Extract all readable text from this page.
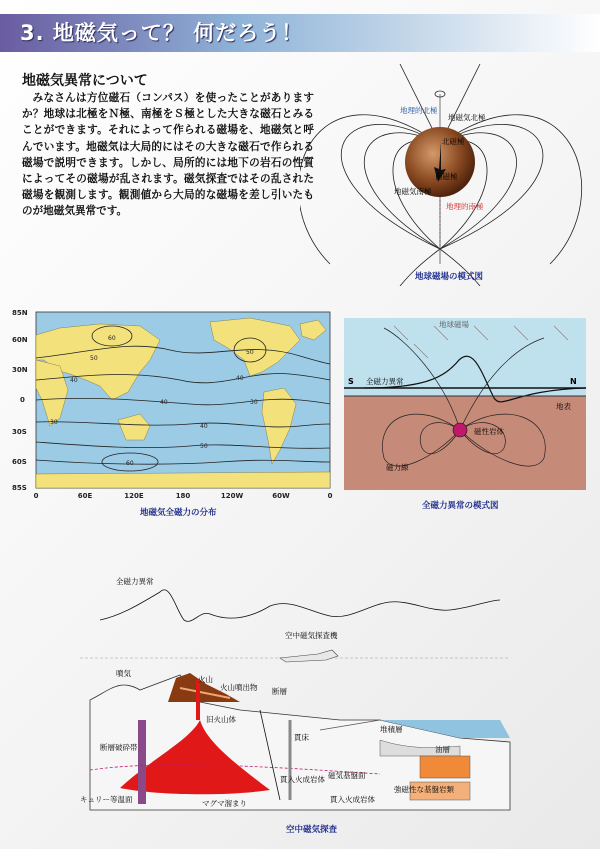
3. 地磁気って？ 何だろう！
地磁気異常について
みなさんは方位磁石（コンパス）を使ったことがありますか？地球は北極をＮ極、南極をＳ極とした大きな磁石とみることができます。それによって作られる磁場を、地磁気と呼んでいます。地磁気は大局的にはその大きな磁石で作られる磁場で説明できます。しかし、局所的には地下の岩石の性質によってその磁場が乱されます。磁気探査ではその乱された磁場を観測します。観測値から大局的な磁場を差し引いたものが地磁気異常です。
地理的北極
地磁気北極
北磁極
南磁極
地磁気南極
地理的南極
地球磁場の模式図
60
50
40
30
40
40
50
30
40
50
60
85N
60N
30N
0
30S
60S
85S
0	60E	120E	180	120W	60W	0
地磁気全磁力の分布
地球磁場
S 全磁力異常	N
地表
磁性岩体
磁力線
全磁力異常の模式図
全磁力異常
空中磁気探査機
噴気
火山
火山噴出物 断層
旧火山体
堆積層
断層破砕帯
貫床
油層
磁気基盤面
キュリー等温面
貫入火成岩体
マグマ溜まり	貫入火成岩体
強磁性な基盤岩類
空中磁気探査
